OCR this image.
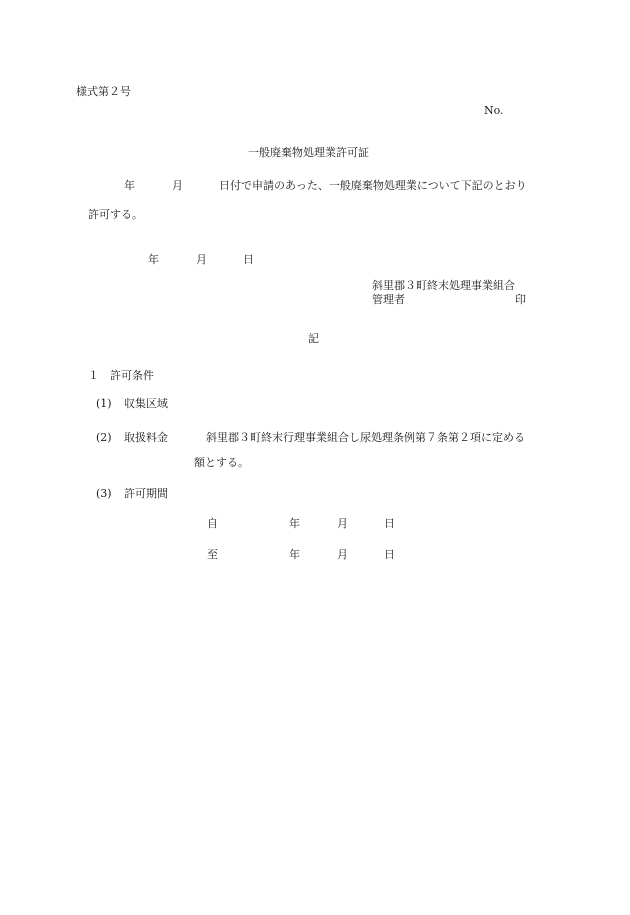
様式第２号
No.
一般廃棄物処理業許可証
年	月	日付で申請のあった、一般廃棄物処理業について下記のとおり
許可する。
年	月	日
斜里郡３町終末処理事業組合
管理者	印
記
１　許可条件
(1) 収集区域
(2) 取扱料金	斜里郡３町終末行理事業組合し尿処理条例第７条第２項に定める
額とする。
(3) 許可期間
自	年	月	日
至	年	月	日
